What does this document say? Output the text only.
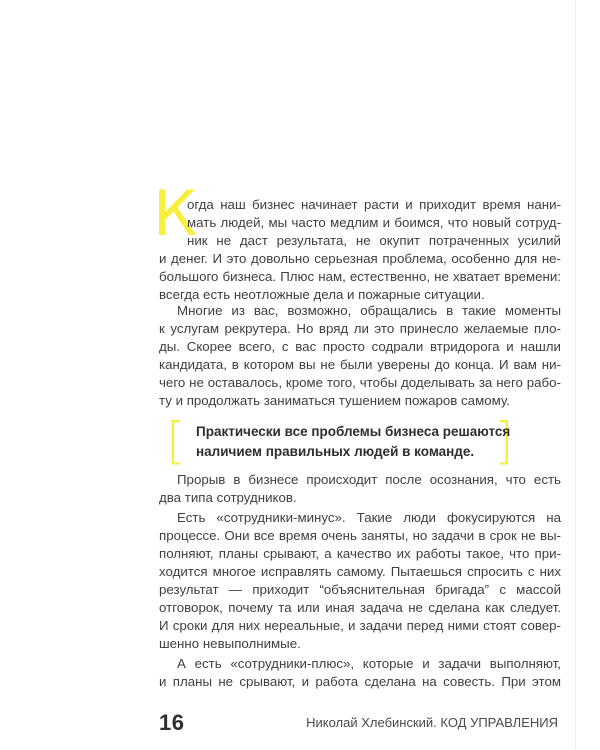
К
огда наш бизнес начинает расти и приходит время нани-
мать людей, мы часто медлим и боимся, что новый сотруд-
ник не даст результата, не окупит потраченных усилий
и денег. И это довольно серьезная проблема, особенно для не-
большого бизнеса. Плюс нам, естественно, не хватает времени:
всегда есть неотложные дела и пожарные ситуации.
Многие из вас, возможно, обращались в такие моменты
к услугам рекрутера. Но вряд ли это принесло желаемые пло-
ды. Скорее всего, с вас просто содрали втридорога и нашли
кандидата, в котором вы не были уверены до конца. И вам ни-
чего не оставалось, кроме того, чтобы доделывать за него рабо-
ту и продолжать заниматься тушением пожаров самому.
[	]
Практически все проблемы бизнеса решаются
наличием правильных людей в команде.
Прорыв в бизнесе происходит после осознания, что есть
два типа сотрудников.
Есть «сотрудники-минус». Такие люди фокусируются на
процессе. Они все время очень заняты, но задачи в срок не вы-
полняют, планы срывают, а качество их работы такое, что при-
ходится многое исправлять самому. Пытаешься спросить с них
результат — приходит “объяснительная бригада” с массой
отговорок, почему та или иная задача не сделана как следует.
И сроки для них нереальные, и задачи перед ними стоят совер-
шенно невыполнимые.
А есть «сотрудники-плюс», которые и задачи выполняют,
и планы не срывают, и работа сделана на совесть. При этом
16	Николай Хлебинский. КОД УПРАВЛЕНИЯ
